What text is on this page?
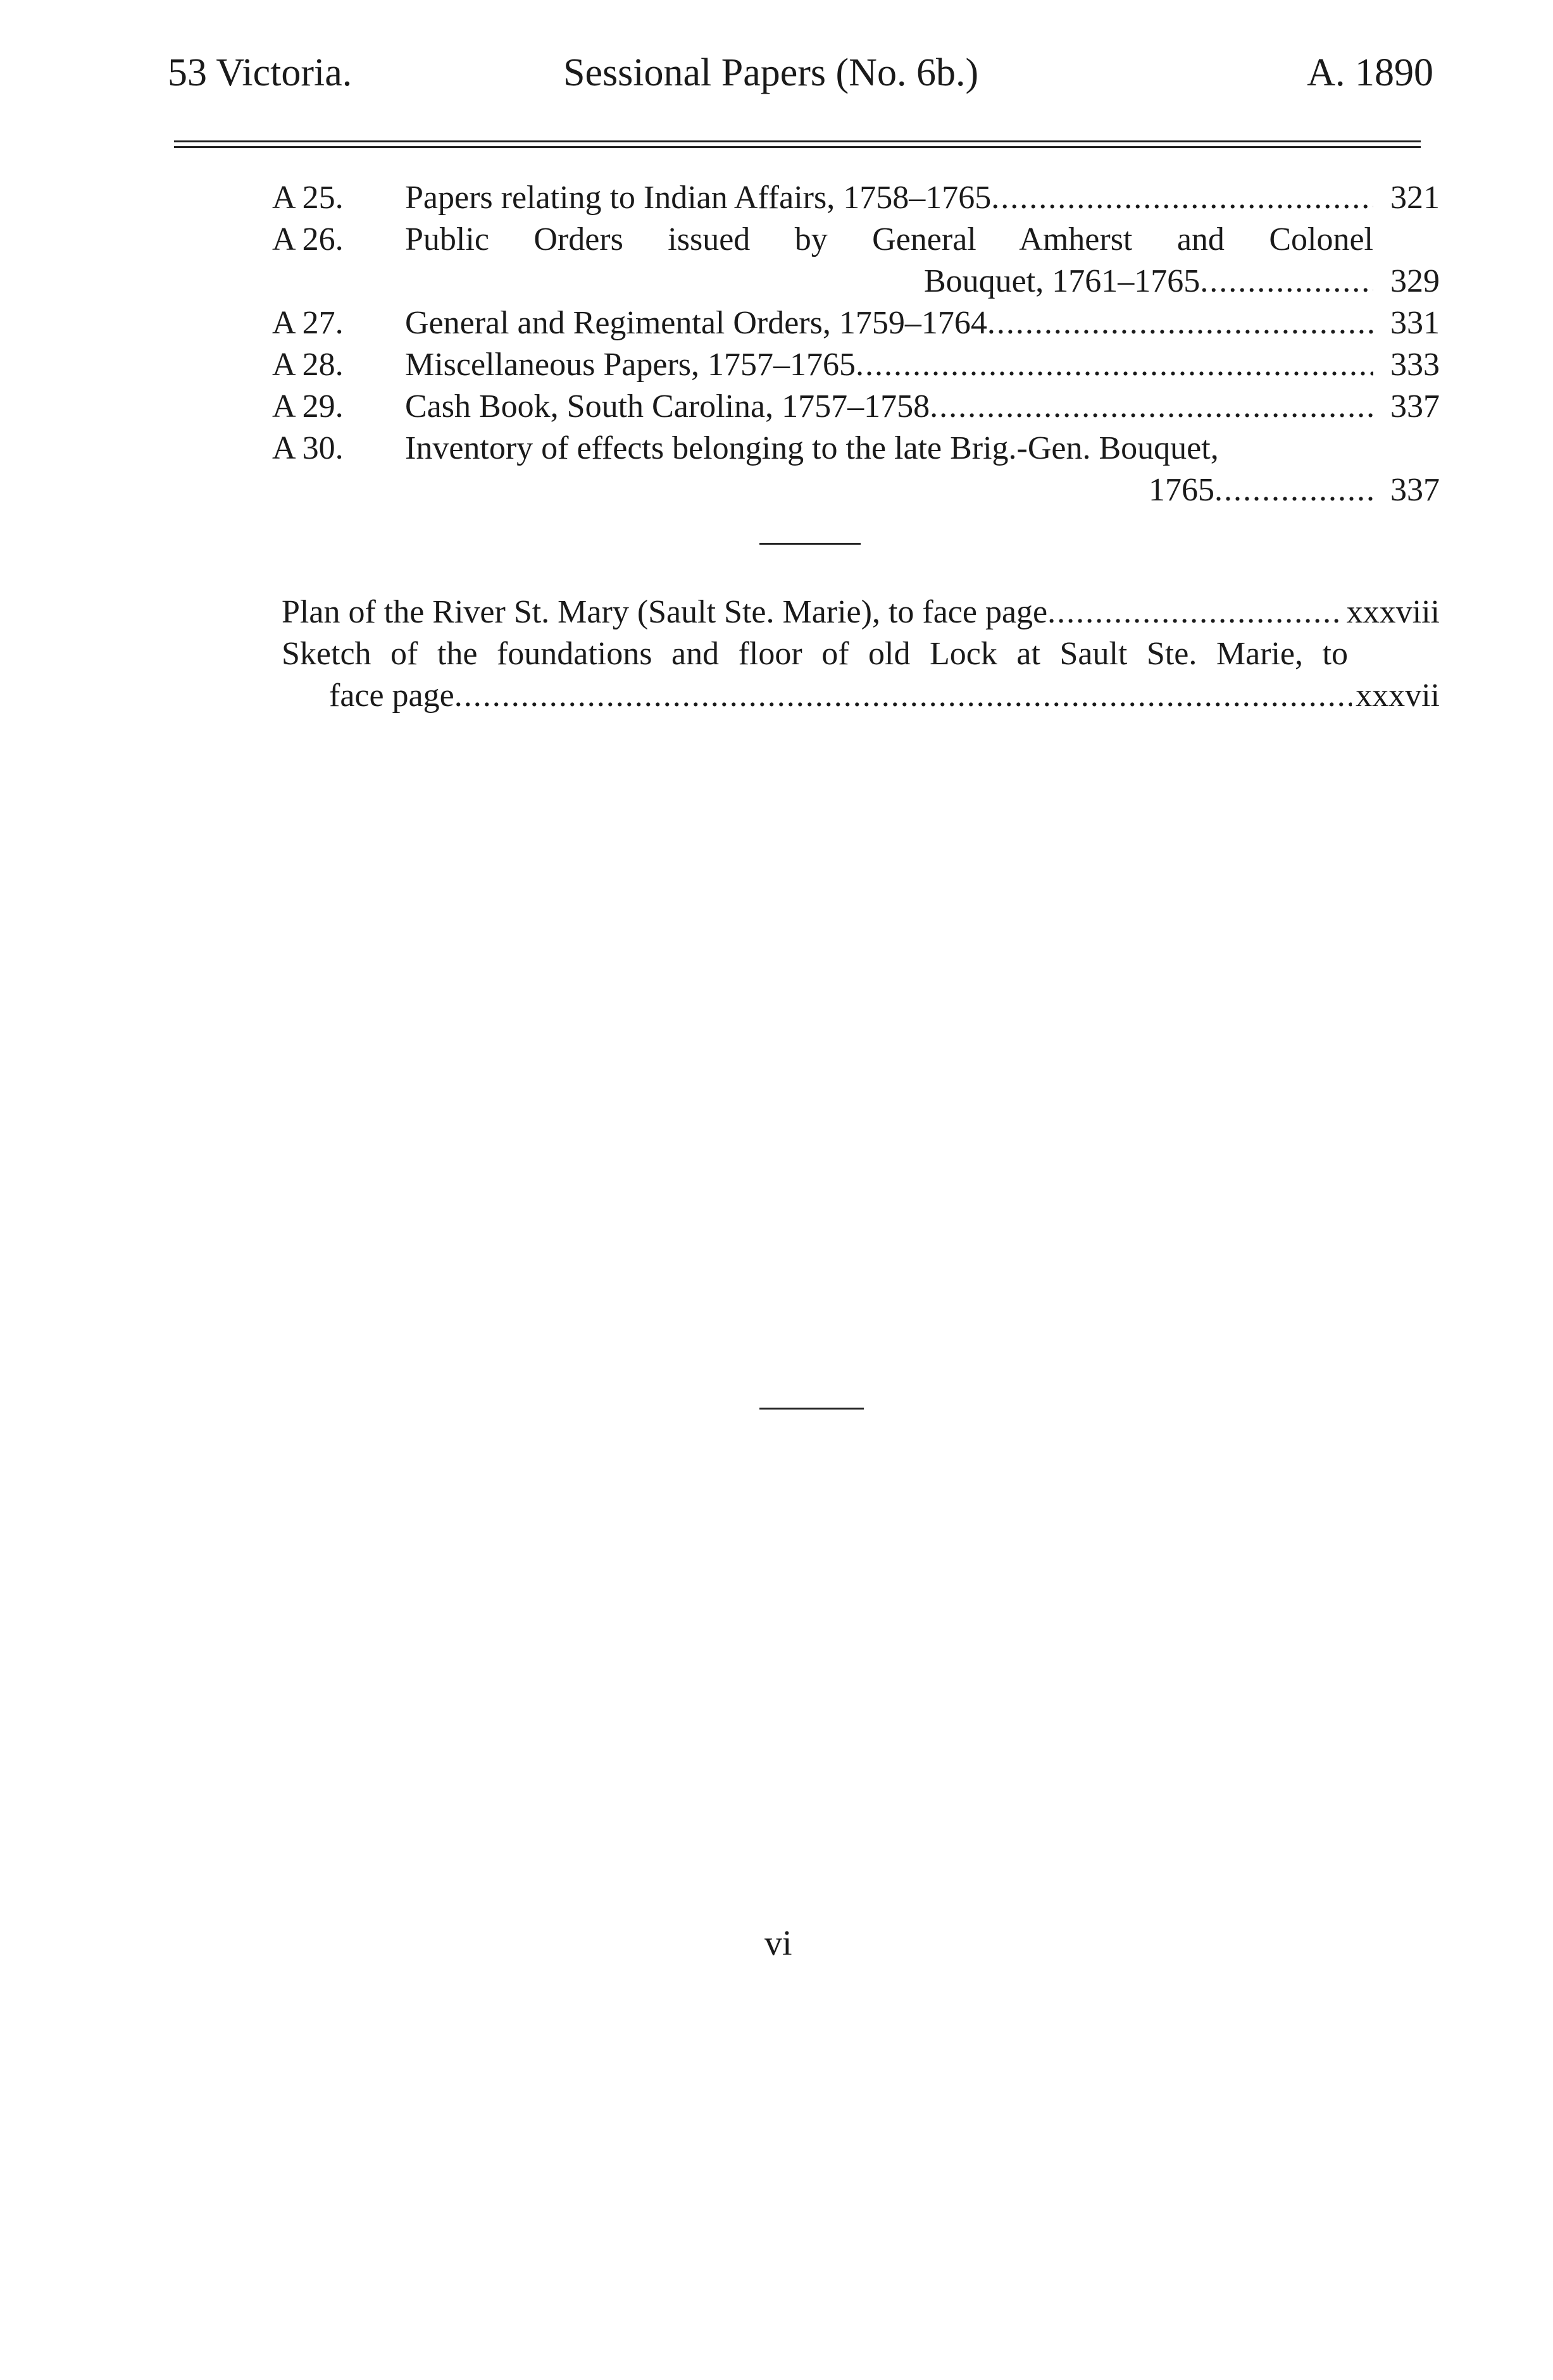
53 Victoria.	Sessional Papers (No. 6b.)	A. 1890
A 25.	Papers relating to Indian Affairs, 1758–1765 .....	321
A 26.	Public Orders issued by General Amherst and Colonel
Bouquet, 1761–1765 .....	329
A 27.	General and Regimental Orders, 1759–1764 .....	331
A 28.	Miscellaneous Papers, 1757–1765 .....	333
A 29.	Cash Book, South Carolina, 1757–1758 .....	337
A 30.	Inventory of effects belonging to the late Brig.-Gen. Bouquet,
1765 .....	337
Plan of the River St. Mary (Sault Ste. Marie), to face page .....	xxxviii
Sketch of the foundations and floor of old Lock at Sault Ste. Marie, to
face page .....	xxxvii
vi
